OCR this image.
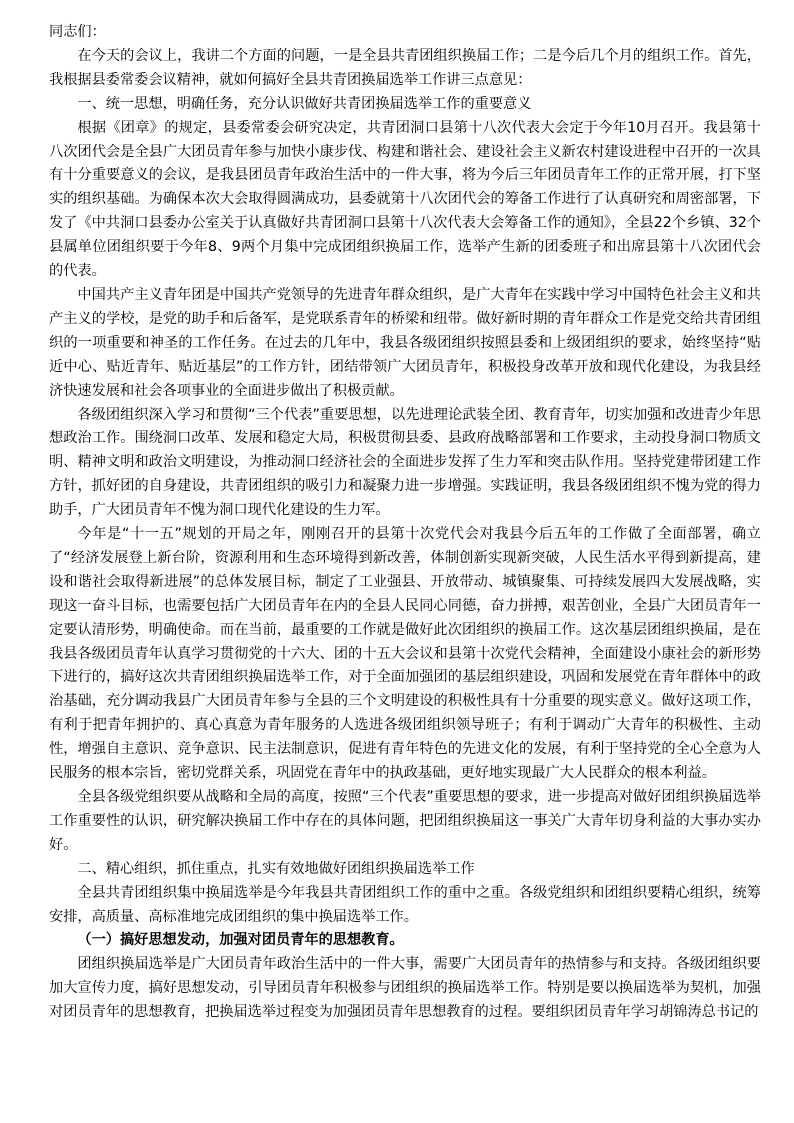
同志们：

在今天的会议上，我讲二个方面的问题，一是全县共青团组织换届工作；二是今后几个月的组织工作。首先，我根据县委常委会议精神，就如何搞好全县共青团换届选举工作讲三点意见：

一、统一思想，明确任务，充分认识做好共青团换届选举工作的重要意义

根据《团章》的规定，县委常委会研究决定，共青团洞口县第十八次代表大会定于今年10月召开。我县第十八次团代会是全县广大团员青年参与加快小康步伐、构建和谐社会、建设社会主义新农村建设进程中召开的一次具有十分重要意义的会议，是我县团员青年政治生活中的一件大事，将为今后三年团员青年工作的正常开展，打下坚实的组织基础。为确保本次大会取得圆满成功，县委就第十八次团代会的筹备工作进行了认真研究和周密部署，下发了《中共洞口县委办公室关于认真做好共青团洞口县第十八次代表大会筹备工作的通知》，全县22个乡镇、32个县属单位团组织要于今年8、9两个月集中完成团组织换届工作，选举产生新的团委班子和出席县第十八次团代会的代表。

中国共产主义青年团是中国共产党领导的先进青年群众组织，是广大青年在实践中学习中国特色社会主义和共产主义的学校，是党的助手和后备军，是党联系青年的桥梁和纽带。做好新时期的青年群众工作是党交给共青团组织的一项重要和神圣的工作任务。在过去的几年中，我县各级团组织按照县委和上级团组织的要求，始终坚持“贴近中心、贴近青年、贴近基层”的工作方针，团结带领广大团员青年，积极投身改革开放和现代化建设，为我县经济快速发展和社会各项事业的全面进步做出了积极贡献。

各级团组织深入学习和贯彻“三个代表”重要思想，以先进理论武装全团、教育青年，切实加强和改进青少年思想政治工作。围绕洞口改革、发展和稳定大局，积极贯彻县委、县政府战略部署和工作要求，主动投身洞口物质文明、精神文明和政治文明建设，为推动洞口经济社会的全面进步发挥了生力军和突击队作用。坚持党建带团建工作方针，抓好团的自身建设，共青团组织的吸引力和凝聚力进一步增强。实践证明，我县各级团组织不愧为党的得力助手，广大团员青年不愧为洞口现代化建设的生力军。

今年是“十一五”规划的开局之年，刚刚召开的县第十次党代会对我县今后五年的工作做了全面部署，确立了“经济发展登上新台阶，资源利用和生态环境得到新改善，体制创新实现新突破，人民生活水平得到新提高，建设和谐社会取得新进展”的总体发展目标，制定了工业强县、开放带动、城镇聚集、可持续发展四大发展战略，实现这一奋斗目标，也需要包括广大团员青年在内的全县人民同心同德，奋力拼搏，艰苦创业，全县广大团员青年一定要认清形势，明确使命。而在当前，最重要的工作就是做好此次团组织的换届工作。这次基层团组织换届，是在我县各级团员青年认真学习贯彻党的十六大、团的十五大会议和县第十次党代会精神，全面建设小康社会的新形势下进行的，搞好这次共青团组织换届选举工作，对于全面加强团的基层组织建设，巩固和发展党在青年群体中的政治基础，充分调动我县广大团员青年参与全县的三个文明建设的积极性具有十分重要的现实意义。做好这项工作，有利于把青年拥护的、真心真意为青年服务的人选进各级团组织领导班子；有利于调动广大青年的积极性、主动性，增强自主意识、竞争意识、民主法制意识，促进有青年特色的先进文化的发展，有利于坚持党的全心全意为人民服务的根本宗旨，密切党群关系，巩固党在青年中的执政基础，更好地实现最广大人民群众的根本利益。

全县各级党组织要从战略和全局的高度，按照“三个代表”重要思想的要求，进一步提高对做好团组织换届选举工作重要性的认识，研究解决换届工作中存在的具体问题，把团组织换届这一事关广大青年切身利益的大事办实办好。

二、精心组织，抓住重点，扎实有效地做好团组织换届选举工作

全县共青团组织集中换届选举是今年我县共青团组织工作的重中之重。各级党组织和团组织要精心组织，统筹安排，高质量、高标准地完成团组织的集中换届选举工作。

（一）搞好思想发动，加强对团员青年的思想教育。

团组织换届选举是广大团员青年政治生活中的一件大事，需要广大团员青年的热情参与和支持。各级团组织要加大宣传力度，搞好思想发动，引导团员青年积极参与团组织的换届选举工作。特别是要以换届选举为契机，加强对团员青年的思想教育，把换届选举过程变为加强团员青年思想教育的过程。要组织团员青年学习胡锦涛总书记的
